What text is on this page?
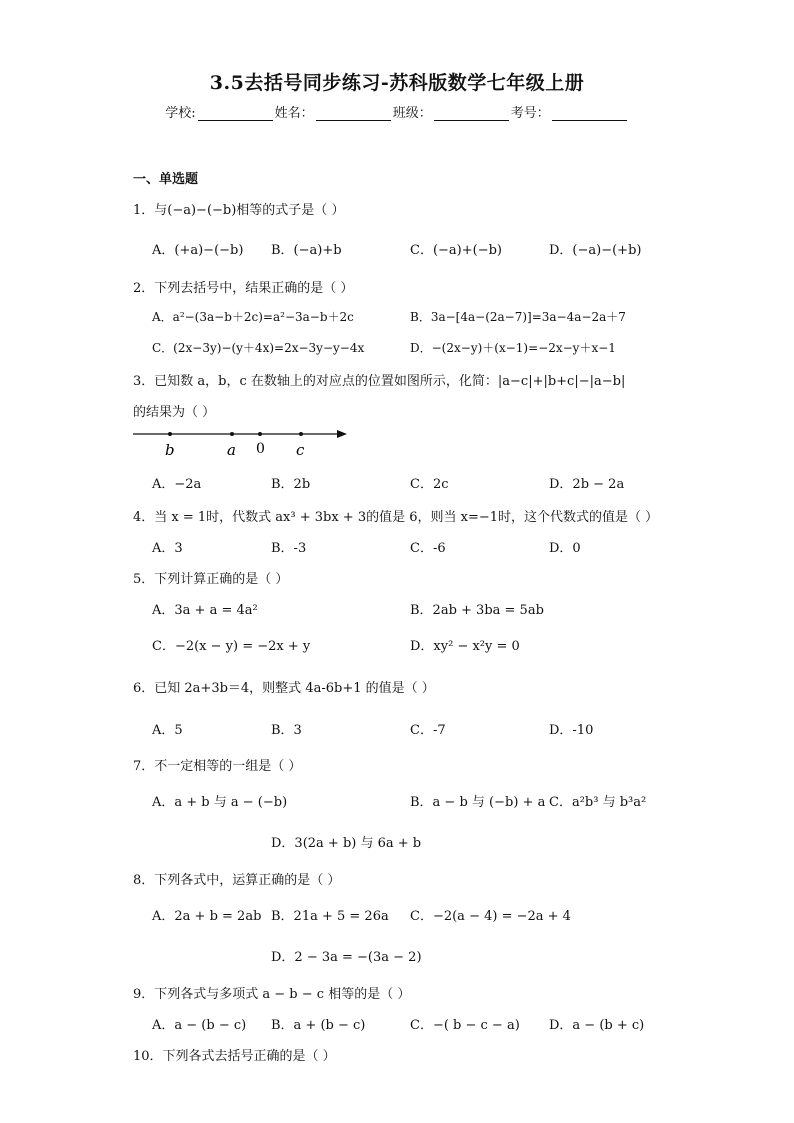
3.5去括号同步练习-苏科版数学七年级上册
学校:	姓名：	班级：	考号：
一、单选题
1．与(−a)−(−b)相等的式子是（ ）
A．(+a)−(−b) B．(−a)+b	C．(−a)+(−b)	D．(−a)−(+b)
2．下列去括号中，结果正确的是（ ）
A．a²−(3a−b＋2c)=a²−3a−b＋2c	B．3a−[4a−(2a−7)]=3a−4a−2a＋7
C．(2x−3y)−(y＋4x)=2x−3y−y−4x	D．−(2x−y)＋(x−1)=−2x−y＋x−1
3．已知数 a，b，c 在数轴上的对应点的位置如图所示，化简：|a−c|+|b+c|−|a−b|
的结果为（ ）
b	a 0 c
A．−2a	B．2b	C．2c	D．2b − 2a
4．当 x = 1时，代数式 ax³ + 3bx + 3的值是 6，则当 x=−1时，这个代数式的值是（ ）
A．3	B．-3	C．-6	D．0
5．下列计算正确的是（ ）
A．3a + a = 4a²	B．2ab + 3ba = 5ab
C．−2(x − y) = −2x + y	D．xy² − x²y = 0
6．已知 2a+3b＝4，则整式 4a-6b+1 的值是（ ）
A．5	B．3	C．-7	D．-10
7．不一定相等的一组是（ ）
A．a + b 与 a − (−b)	B．a − b 与 (−b) + a C．a²b³ 与 b³a²
D．3(2a + b) 与 6a + b
8．下列各式中，运算正确的是（ ）
A．2a + b = 2ab B．21a + 5 = 26a C．−2(a − 4) = −2a + 4
D．2 − 3a = −(3a − 2)
9．下列各式与多项式 a − b − c 相等的是（ ）
A．a − (b − c) B．a + (b − c)	C．−( b − c − a) D．a − (b + c)
10．下列各式去括号正确的是（ ）
